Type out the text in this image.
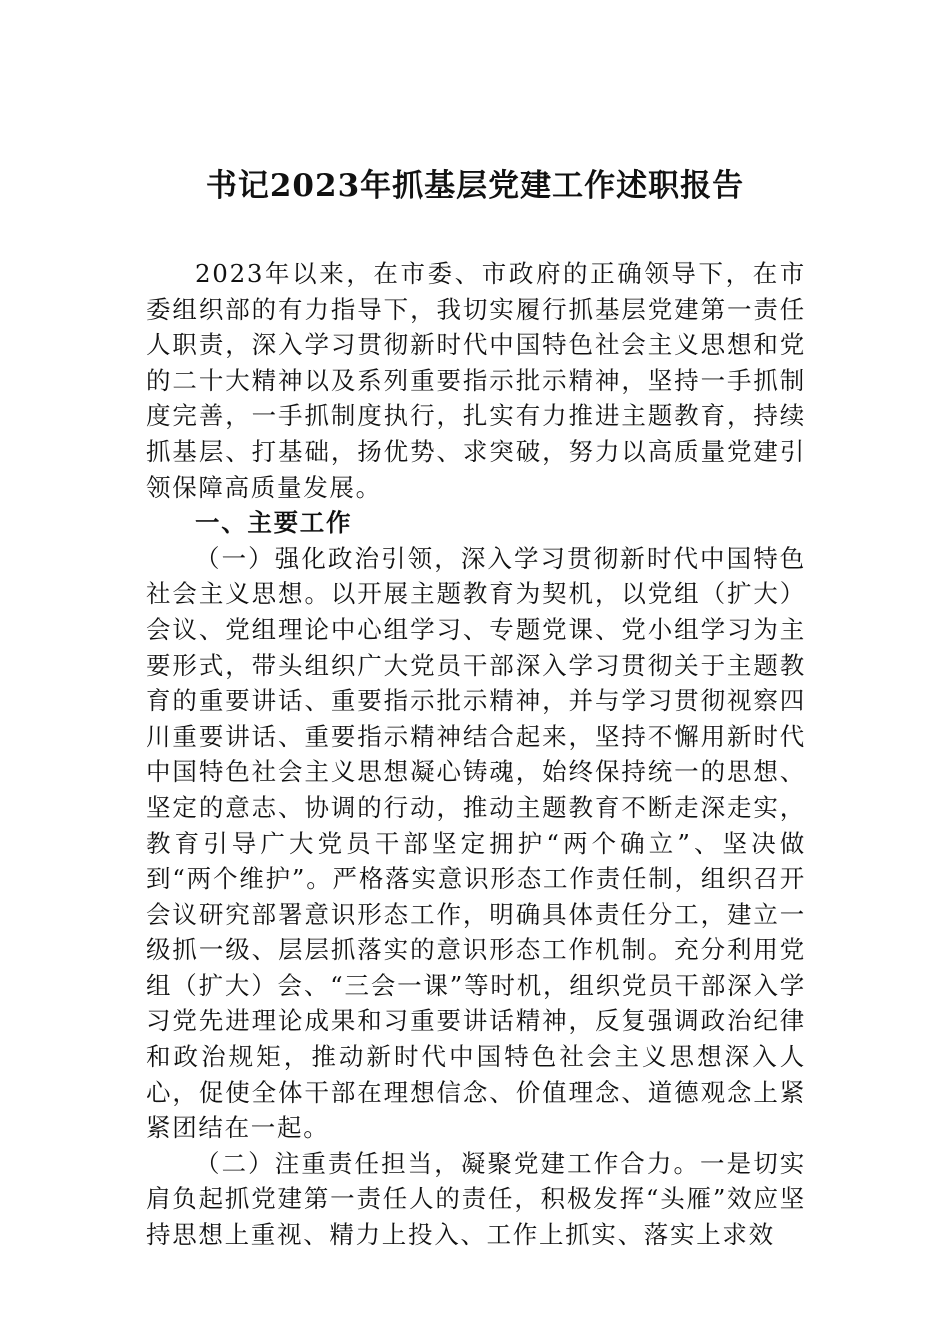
书记2023年抓基层党建工作述职报告

2023年以来，在市委、市政府的正确领导下，在市委组织部的有力指导下，我切实履行抓基层党建第一责任人职责，深入学习贯彻新时代中国特色社会主义思想和党的二十大精神以及系列重要指示批示精神，坚持一手抓制度完善，一手抓制度执行，扎实有力推进主题教育，持续抓基层、打基础，扬优势、求突破，努力以高质量党建引领保障高质量发展。

一、主要工作

（一）强化政治引领，深入学习贯彻新时代中国特色社会主义思想。以开展主题教育为契机，以党组（扩大）会议、党组理论中心组学习、专题党课、党小组学习为主要形式，带头组织广大党员干部深入学习贯彻关于主题教育的重要讲话、重要指示批示精神，并与学习贯彻视察四川重要讲话、重要指示精神结合起来，坚持不懈用新时代中国特色社会主义思想凝心铸魂，始终保持统一的思想、坚定的意志、协调的行动，推动主题教育不断走深走实，教育引导广大党员干部坚定拥护“两个确立”、坚决做到“两个维护”。严格落实意识形态工作责任制，组织召开会议研究部署意识形态工作，明确具体责任分工，建立一级抓一级、层层抓落实的意识形态工作机制。充分利用党组（扩大）会、“三会一课”等时机，组织党员干部深入学习党先进理论成果和习重要讲话精神，反复强调政治纪律和政治规矩，推动新时代中国特色社会主义思想深入人心，促使全体干部在理想信念、价值理念、道德观念上紧紧团结在一起。

（二）注重责任担当，凝聚党建工作合力。一是切实肩负起抓党建第一责任人的责任，积极发挥“头雁”效应坚持思想上重视、精力上投入、工作上抓实、落实上求效
